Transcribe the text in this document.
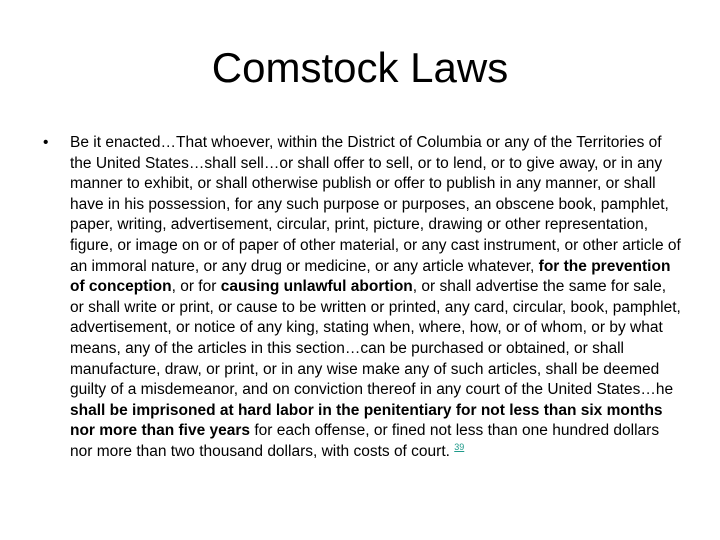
Comstock Laws
• Be it enacted…That whoever, within the District of Columbia or any of the Territories of the United States…shall sell…or shall offer to sell, or to lend, or to give away, or in any manner to exhibit, or shall otherwise publish or offer to publish in any manner, or shall have in his possession, for any such purpose or purposes, an obscene book, pamphlet, paper, writing, advertisement, circular, print, picture, drawing or other representation, figure, or image on or of paper of other material, or any cast instrument, or other article of an immoral nature, or any drug or medicine, or any article whatever, for the prevention of conception, or for causing unlawful abortion, or shall advertise the same for sale, or shall write or print, or cause to be written or printed, any card, circular, book, pamphlet, advertisement, or notice of any king, stating when, where, how, or of whom, or by what means, any of the articles in this section…can be purchased or obtained, or shall manufacture, draw, or print, or in any wise make any of such articles, shall be deemed guilty of a misdemeanor, and on conviction thereof in any court of the United States…he shall be imprisoned at hard labor in the penitentiary for not less than six months nor more than five years for each offense, or fined not less than one hundred dollars nor more than two thousand dollars, with costs of court. $^{39}$
